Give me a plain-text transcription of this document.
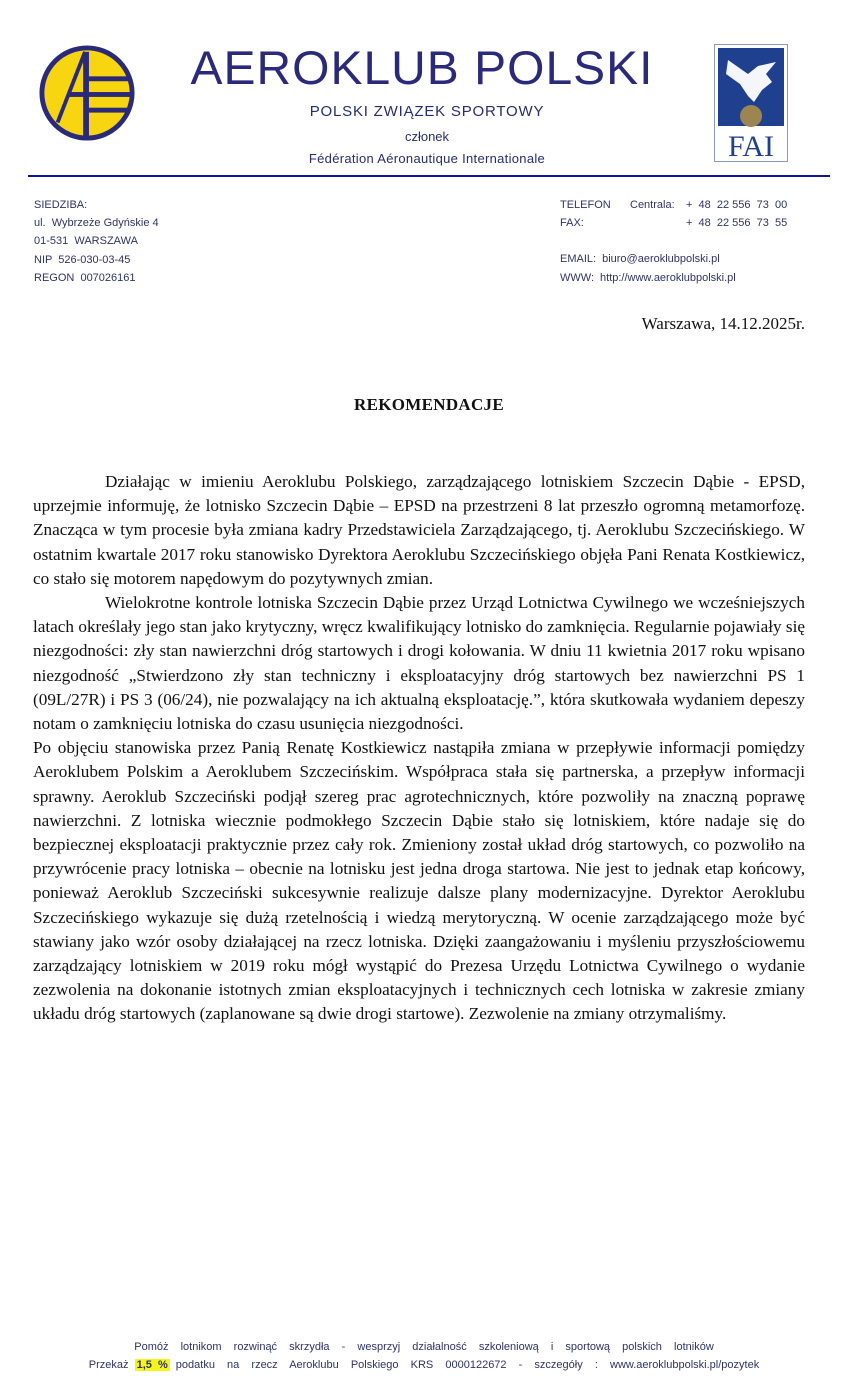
AEROKLUB POLSKI
POLSKI ZWIĄZEK SPORTOWY
członek
Fédération Aéronautique Internationale	FAI
SIEDZIBA:
ul.  Wybrzeże Gdyńskie 4
01-531  WARSZAWA
NIP  526-030-03-45
REGON  007026161
TELEFON	Centrala:	+  48  22 556  73  00
FAX:	+  48  22 556  73  55
EMAIL: biuro@aeroklubpolski.pl
WWW: http://www.aeroklubpolski.pl
Warszawa, 14.12.2025r.
REKOMENDACJE

Działając w imieniu Aeroklubu Polskiego, zarządzającego lotniskiem Szczecin Dąbie - EPSD, uprzejmie informuję, że lotnisko Szczecin Dąbie – EPSD na przestrzeni 8 lat przeszło ogromną metamorfozę. Znacząca w tym procesie była zmiana kadry Przedstawiciela Zarządzającego, tj. Aeroklubu Szczecińskiego. W ostatnim kwartale 2017 roku stanowisko Dyrektora Aeroklubu Szczecińskiego objęła Pani Renata Kostkiewicz, co stało się motorem napędowym do pozytywnych zmian.

Wielokrotne kontrole lotniska Szczecin Dąbie przez Urząd Lotnictwa Cywilnego we wcześniejszych latach określały jego stan jako krytyczny, wręcz kwalifikujący lotnisko do zamknięcia. Regularnie pojawiały się niezgodności: zły stan nawierzchni dróg startowych i drogi kołowania. W dniu 11 kwietnia 2017 roku wpisano niezgodność „Stwierdzono zły stan techniczny i eksploatacyjny dróg startowych bez nawierzchni PS 1 (09L/27R) i PS 3 (06/24), nie pozwalający na ich aktualną eksploatację.”, która skutkowała wydaniem depeszy notam o zamknięciu lotniska do czasu usunięcia niezgodności.

Po objęciu stanowiska przez Panią Renatę Kostkiewicz nastąpiła zmiana w przepływie informacji pomiędzy Aeroklubem Polskim a Aeroklubem Szczecińskim. Współpraca stała się partnerska, a przepływ informacji sprawny. Aeroklub Szczeciński podjął szereg prac agrotechnicznych, które pozwoliły na znaczną poprawę nawierzchni. Z lotniska wiecznie podmokłego Szczecin Dąbie stało się lotniskiem, które nadaje się do bezpiecznej eksploatacji praktycznie przez cały rok. Zmieniony został układ dróg startowych, co pozwoliło na przywrócenie pracy lotniska – obecnie na lotnisku jest jedna droga startowa. Nie jest to jednak etap końcowy, ponieważ Aeroklub Szczeciński sukcesywnie realizuje dalsze plany modernizacyjne. Dyrektor Aeroklubu Szczecińskiego wykazuje się dużą rzetelnością i wiedzą merytoryczną. W ocenie zarządzającego może być stawiany jako wzór osoby działającej na rzecz lotniska. Dzięki zaangażowaniu i myśleniu przyszłościowemu zarządzający lotniskiem w 2019 roku mógł wystąpić do Prezesa Urzędu Lotnictwa Cywilnego o wydanie zezwolenia na dokonanie istotnych zmian eksploatacyjnych i technicznych cech lotniska w zakresie zmiany układu dróg startowych (zaplanowane są dwie drogi startowe). Zezwolenie na zmiany otrzymaliśmy.

Pomóż  lotnikom  rozwinąć  skrzydła  -  wesprzyj  działalność  szkoleniową  i  sportową  polskich  lotników
Przekaż 1,5 % podatku  na  rzecz  Aeroklubu  Polskiego  KRS  0000122672  -  szczegóły  :  www.aeroklubpolski.pl/pozytek
